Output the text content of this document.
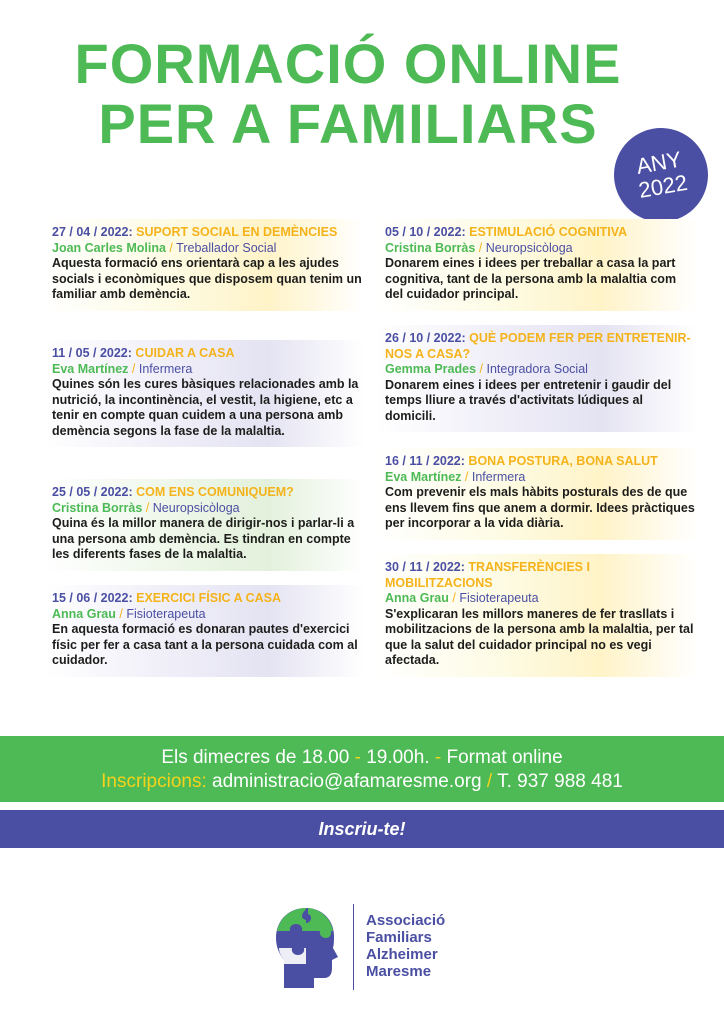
FORMACIÓ ONLINE
PER A FAMILIARS
ANY
2022
27 / 04 / 2022: SUPORT SOCIAL EN DEMÈNCIES
Joan Carles Molina / Treballador Social
Aquesta formació ens orientarà cap a les ajudes socials i econòmiques que disposem quan tenim un familiar amb demència.
11 / 05 / 2022: CUIDAR A CASA
Eva Martínez / Infermera
Quines són les cures bàsiques relacionades amb la nutrició, la incontinència, el vestit, la higiene, etc a tenir en compte quan cuidem a una persona amb demència segons la fase de la malaltia.
25 / 05 / 2022: COM ENS COMUNIQUEM?
Cristina Borràs / Neuropsicòloga
Quina és la millor manera de dirigir-nos i parlar-li a una persona amb demència. Es tindran en compte les diferents fases de la malaltia.
15 / 06 / 2022: EXERCICI FÍSIC A CASA
Anna Grau / Fisioterapeuta
En aquesta formació es donaran pautes d'exercici físic per fer a casa tant a la persona cuidada com al cuidador.
05 / 10 / 2022: ESTIMULACIÓ COGNITIVA
Cristina Borràs / Neuropsicòloga
Donarem eines i idees per treballar a casa la part cognitiva, tant de la persona amb la malaltia com del cuidador principal.
26 / 10 / 2022: QUÈ PODEM FER PER ENTRETENIR-NOS A CASA?
Gemma Prades / Integradora Social
Donarem eines i idees per entretenir i gaudir del temps lliure a través d'activitats lúdiques al domicili.
16 / 11 / 2022: BONA POSTURA, BONA SALUT
Eva Martínez / Infermera
Com prevenir els mals hàbits posturals des de que ens llevem fins que anem a dormir. Idees pràctiques per incorporar a la vida diària.
30 / 11 / 2022: TRANSFERÈNCIES I MOBILITZACIONS
Anna Grau / Fisioterapeuta
S'explicaran les millors maneres de fer trasllats i mobilitzacions de la persona amb la malaltia, per tal que la salut del cuidador principal no es vegi afectada.
Els dimecres de 18.00 - 19.00h. - Format online
Inscripcions: administracio@afamaresme.org / T. 937 988 481
Inscriu-te!
Associació
Familiars
Alzheimer
Maresme
